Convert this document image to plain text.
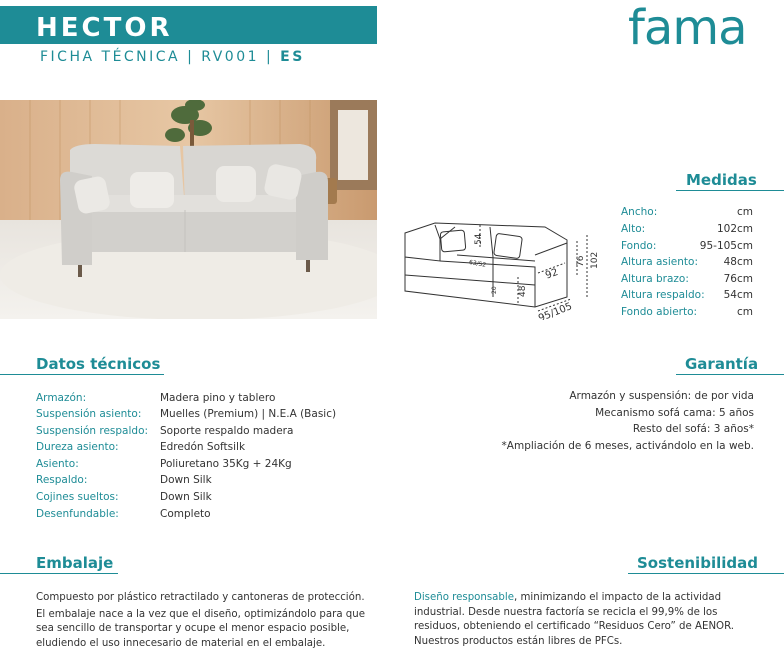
HECTOR
FICHA TÉCNICA | RV001 | ES
fama
Medidas
54
63/52
92
76 102
20 48
95/105
Ancho:	cm
Alto:	102cm
Fondo:	95-105cm
Altura asiento: 48cm
Altura brazo:	76cm
Altura respaldo: 54cm
Fondo abierto:	cm
Datos técnicos
Armazón:	Madera pino y tablero
Suspensión asiento: Muelles (Premium) | N.E.A (Basic)
Suspensión respaldo: Soporte respaldo madera
Dureza asiento:	Edredón Softsilk
Asiento:	Poliuretano 35Kg + 24Kg
Respaldo:	Down Silk
Cojines sueltos:	Down Silk
Desenfundable:	Completo
Garantía
Armazón y suspensión: de por vida
Mecanismo sofá cama: 5 años
Resto del sofá: 3 años*
*Ampliación de 6 meses, activándolo en la web.
Embalaje
Compuesto por plástico retractilado y cantoneras de protección.
El embalaje nace a la vez que el diseño, optimizándolo para que
sea sencillo de transportar y ocupe el menor espacio posible,
eludiendo el uso innecesario de material en el embalaje.
Sostenibilidad
Diseño responsable, minimizando el impacto de la actividad
industrial. Desde nuestra factoría se recicla el 99,9% de los
residuos, obteniendo el certificado “Residuos Cero” de AENOR.
Nuestros productos están libres de PFCs.
